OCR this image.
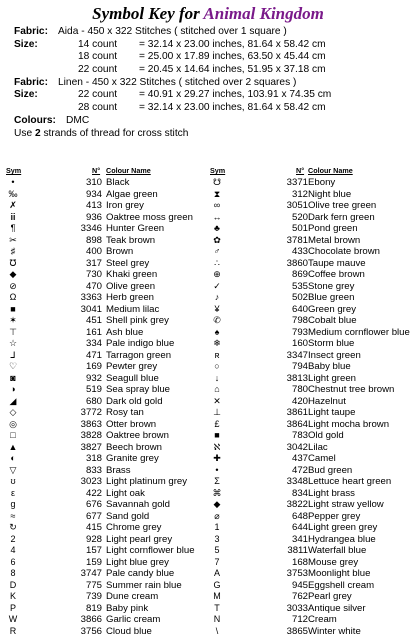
Symbol Key for Animal Kingdom
Fabric: Aida - 450 x 322 Stitches ( stitched over 1 square )
Size:	14 count = 32.14 x 23.00 inches, 81.64 x 58.42 cm
18 count = 25.00 x 17.89 inches, 63.50 x 45.44 cm
22 count = 20.45 x 14.64 inches, 51.95 x 37.18 cm
Fabric: Linen - 450 x 322 Stitches ( stitched over 2 squares )
Size:	22 count = 40.91 x 29.27 inches, 103.91 x 74.35 cm
28 count = 32.14 x 23.00 inches, 81.64 x 58.42 cm
Colours: DMC
Use 2 strands of thread for cross stitch
Sym	N° Colour Name
•	310 Black
‰	934 Algae green
✗	413 Iron grey
ⅲ	936 Oaktree moss green
¶	3346 Hunter Green
✂	898 Teak brown
♯	400 Brown
℧	317 Steel grey
◆	730 Khaki green
⊘	470 Olive green
Ω	3363 Herb green
■	3041 Medium lilac
✶	451 Shell pink grey
⊤	161 Ash blue
☆	334 Pale indigo blue
⅃	471 Tarragon green
♡	169 Pewter grey
◙	932 Seagull blue
◑	519 Sea spray blue
◢	680 Dark old gold
◇	3772 Rosy tan
◎	3863 Otter brown
□	3828 Oaktree brown
▲	3827 Beech brown
◐	318 Granite grey
▽	833 Brass
ʊ	3023 Light platinum grey
ε	422 Light oak
g	676 Savannah gold
≈	677 Sand gold
↻	415 Chrome grey
2	928 Light pearl grey
4	157 Light cornflower blue
6	159 Light blue grey
8	3747 Pale candy blue
D	775 Summer rain blue
K	739 Dune cream
P	819 Baby pink
W	3866 Garlic cream
R	3756 Cloud blue
Sym	N° Colour Name
☋	3371 Ebony
⧗	312 Night blue
∞	3051 Olive tree green
↔	520 Dark fern green
♣	501 Pond green
✿	3781 Metal brown
♂	433 Chocolate brown
∴	3860 Taupe mauve
⊕	869 Coffee brown
✓	535 Stone grey
♪	502 Blue green
¥	640 Green grey
✆	798 Cobalt blue
♠	793 Medium cornflower blue
❄	160 Storm blue
ʀ	3347 Insect green
○	794 Baby blue
↓	3813 Light green
⌂	780 Chestnut tree brown
✕	420 Hazelnut
⊥	3861 Light taupe
£	3864 Light mocha brown
■	783 Old gold
ℵ	3042 Lilac
✚	437 Camel
•	472 Bud green
Σ	3348 Lettuce heart green
⌘	834 Light brass
◆	3822 Light straw yellow
⌀	648 Pepper grey
1	644 Light green grey
3	341 Hydrangea blue
5	3811 Waterfall blue
7	168 Mouse grey
A	3753 Moonlight blue
G	945 Eggshell cream
M	762 Pearl grey
T	3033 Antique silver
N	712 Cream
\	3865 Winter white
